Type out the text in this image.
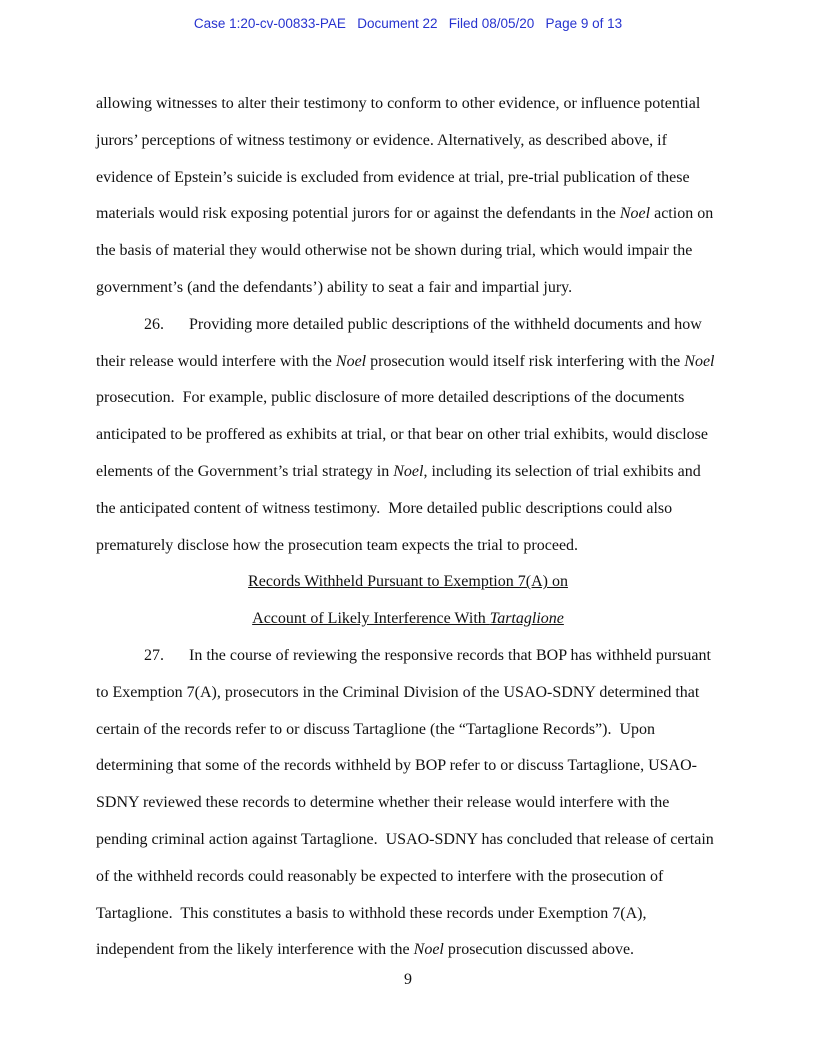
Case 1:20-cv-00833-PAE   Document 22   Filed 08/05/20   Page 9 of 13

allowing witnesses to alter their testimony to conform to other evidence, or influence potential jurors’ perceptions of witness testimony or evidence. Alternatively, as described above, if evidence of Epstein’s suicide is excluded from evidence at trial, pre-trial publication of these materials would risk exposing potential jurors for or against the defendants in the Noel action on the basis of material they would otherwise not be shown during trial, which would impair the government’s (and the defendants’) ability to seat a fair and impartial jury.

26. Providing more detailed public descriptions of the withheld documents and how their release would interfere with the Noel prosecution would itself risk interfering with the Noel prosecution.  For example, public disclosure of more detailed descriptions of the documents anticipated to be proffered as exhibits at trial, or that bear on other trial exhibits, would disclose elements of the Government’s trial strategy in Noel, including its selection of trial exhibits and the anticipated content of witness testimony.  More detailed public descriptions could also prematurely disclose how the prosecution team expects the trial to proceed.

Records Withheld Pursuant to Exemption 7(A) on

Account of Likely Interference With Tartaglione

27. In the course of reviewing the responsive records that BOP has withheld pursuant to Exemption 7(A), prosecutors in the Criminal Division of the USAO-SDNY determined that certain of the records refer to or discuss Tartaglione (the “Tartaglione Records”).  Upon determining that some of the records withheld by BOP refer to or discuss Tartaglione, USAO-SDNY reviewed these records to determine whether their release would interfere with the pending criminal action against Tartaglione.  USAO-SDNY has concluded that release of certain of the withheld records could reasonably be expected to interfere with the prosecution of Tartaglione.  This constitutes a basis to withhold these records under Exemption 7(A), independent from the likely interference with the Noel prosecution discussed above.

9
